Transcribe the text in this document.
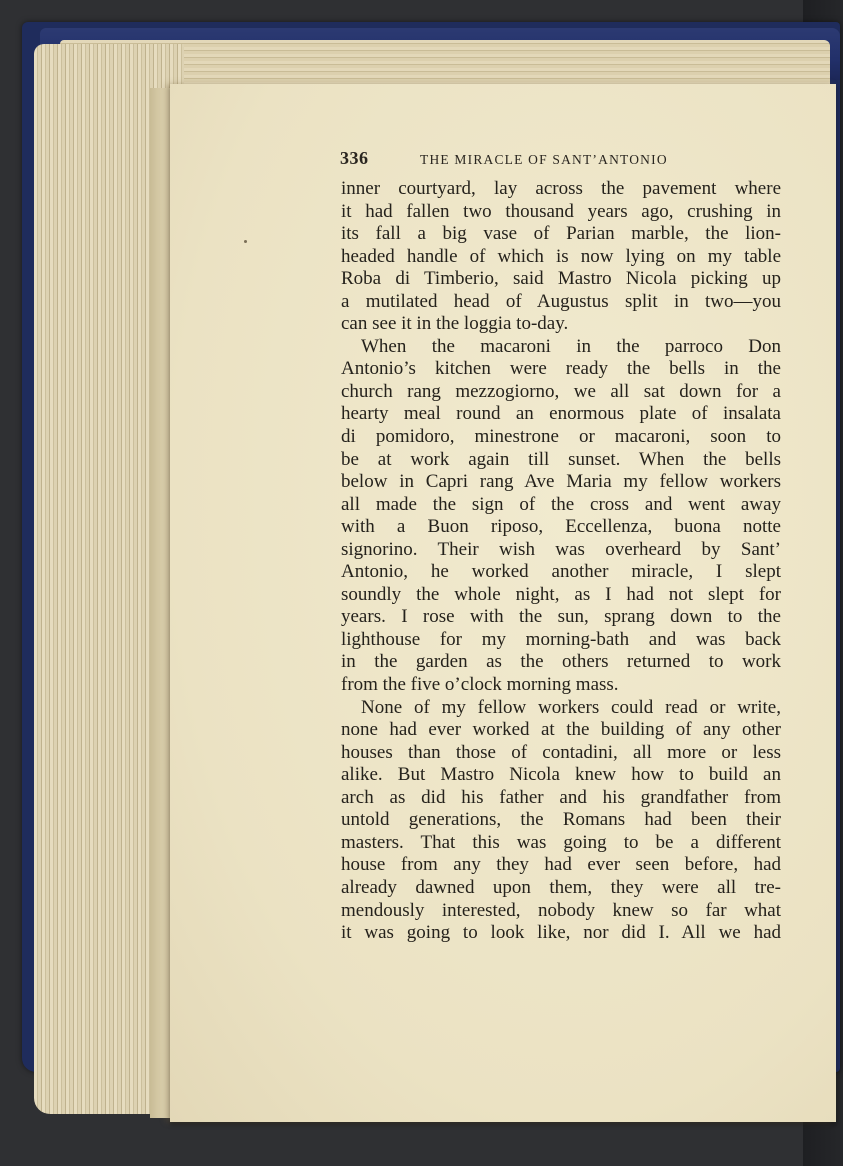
336	THE MIRACLE OF SANT’ANTONIO
inner courtyard, lay across the pavement where
it had fallen two thousand years ago, crushing in
its fall a big vase of Parian marble, the lion-
headed handle of which is now lying on my table
Roba di Timberio, said Mastro Nicola picking up
a mutilated head of Augustus split in two—you
can see it in the loggia to-day.
When the macaroni in the parroco Don
Antonio’s kitchen were ready the bells in the
church rang mezzogiorno, we all sat down for a
hearty meal round an enormous plate of insalata
di pomidoro, minestrone or macaroni, soon to
be at work again till sunset. When the bells
below in Capri rang Ave Maria my fellow workers
all made the sign of the cross and went away
with a Buon riposo, Eccellenza, buona notte
signorino. Their wish was overheard by Sant’
Antonio, he worked another miracle, I slept
soundly the whole night, as I had not slept for
years. I rose with the sun, sprang down to the
lighthouse for my morning-bath and was back
in the garden as the others returned to work
from the five o’clock morning mass.
None of my fellow workers could read or write,
none had ever worked at the building of any other
houses than those of contadini, all more or less
alike. But Mastro Nicola knew how to build an
arch as did his father and his grandfather from
untold generations, the Romans had been their
masters. That this was going to be a different
house from any they had ever seen before, had
already dawned upon them, they were all tre-
mendously interested, nobody knew so far what
it was going to look like, nor did I. All we had
